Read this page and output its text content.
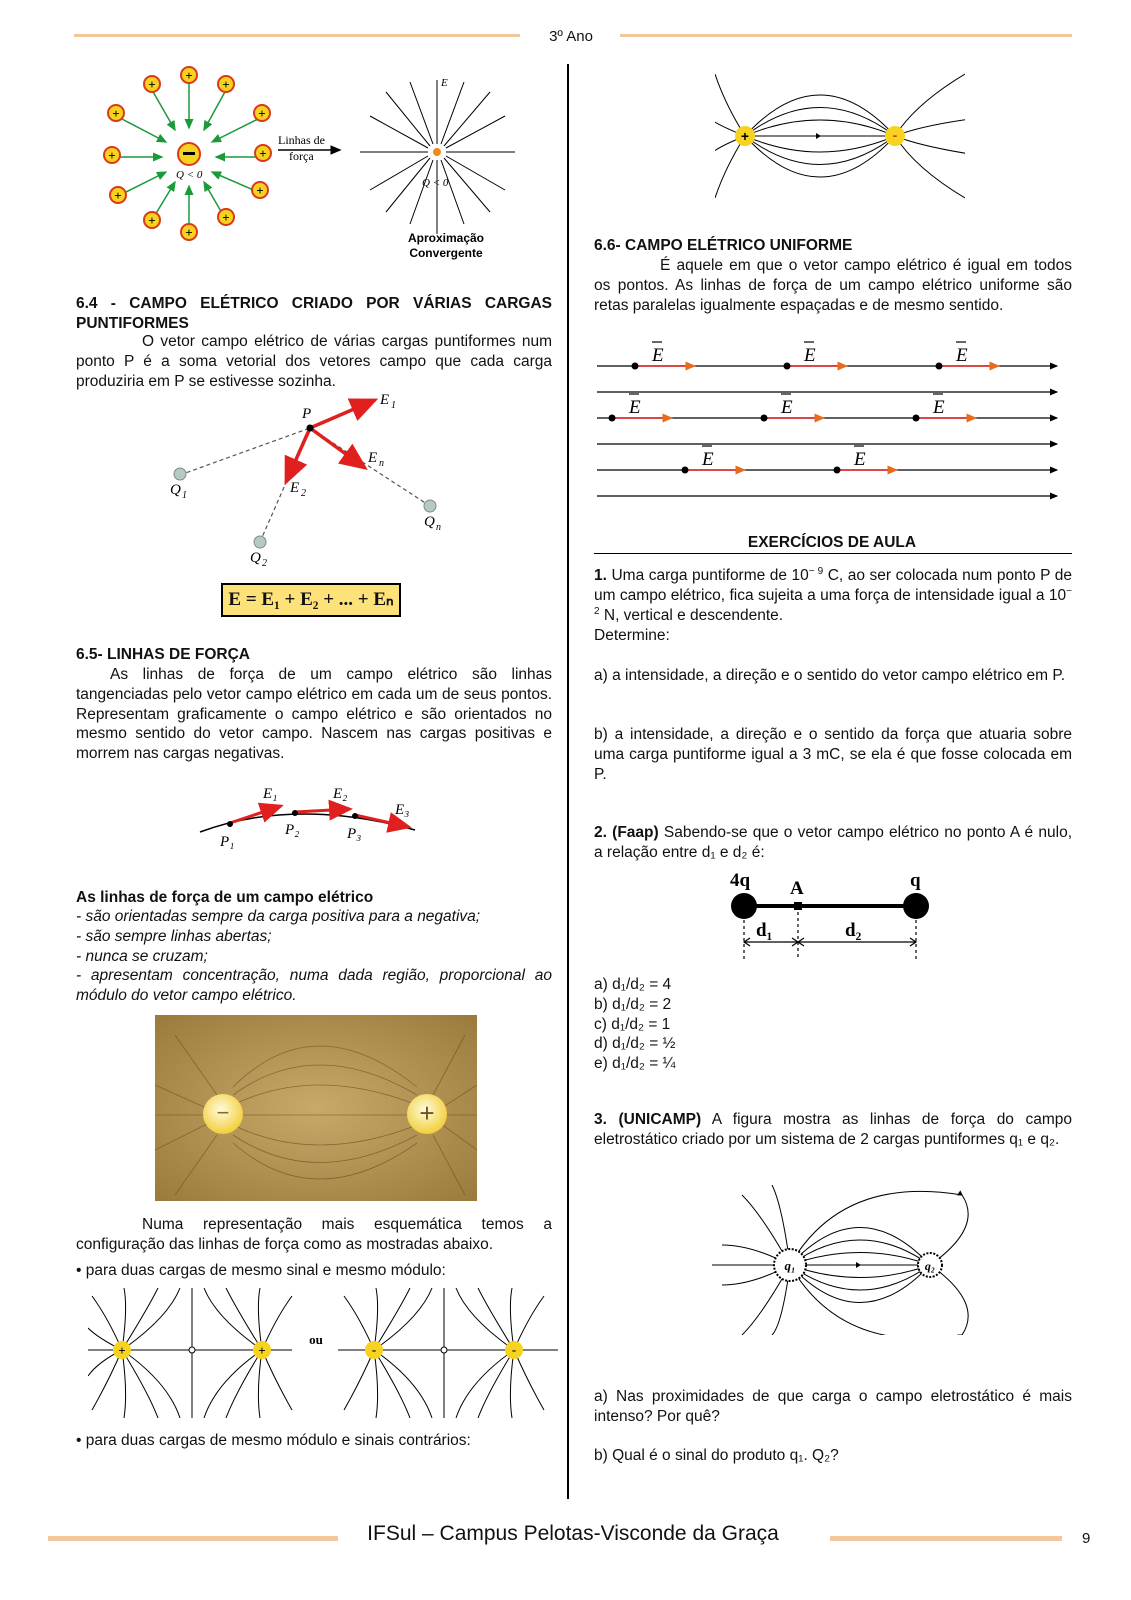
3º Ano
+
+
+
+	+
+	+
+	+
+	+
+
Q < 0
Linhas de
força
E
Q < 0
Aproximação
Convergente
6.4 - CAMPO ELÉTRICO CRIADO POR VÁRIAS CARGAS PUNTIFORMES
O vetor campo elétrico de várias cargas puntiformes num ponto P é a soma vetorial dos vetores campo que cada carga produziria em P se estivesse sozinha.
P
E 1
E 2
E n
Q 1
Q 2
Q n
E = E₁ + E₂ + ... + Eₙ
6.5- LINHAS DE FORÇA
As linhas de força de um campo elétrico são linhas tangenciadas pelo vetor campo elétrico em cada um de seus pontos. Representam graficamente o campo elétrico e são orientados no mesmo sentido do vetor campo. Nascem nas cargas positivas e morrem nas cargas negativas.
E₁	E₂
E₃
P₁
P₂	P₃
As linhas de força de um campo elétrico
- são orientadas sempre da carga positiva para a negativa;
- são sempre linhas abertas;
- nunca se cruzam;
- apresentam concentração, numa dada região, proporcional ao módulo do vetor campo elétrico.
−	+
Numa representação mais esquemática temos a configuração das linhas de força como as mostradas abaixo.
• para duas cargas de mesmo sinal e mesmo módulo:
+	+	-	-
ou
• para duas cargas de mesmo módulo e sinais contrários:
+	-
6.6- CAMPO ELÉTRICO UNIFORME
É aquele em que o vetor campo elétrico é igual em todos os pontos. As linhas de força de um campo elétrico uniforme são retas paralelas igualmente espaçadas e de mesmo sentido.
E	E	E
E	E	E
E	E
EXERCÍCIOS DE AULA
1. Uma carga puntiforme de $10^{- 9}$ C, ao ser colocada num ponto P de um campo elétrico, fica sujeita a uma força de intensidade igual a $10^{- 2}$ N, vertical e descendente.
Determine:
a) a intensidade, a direção e o sentido do vetor campo elétrico em P.
b) a intensidade, a direção e o sentido da força que atuaria sobre uma carga puntiforme igual a 3 mC, se ela é que fosse colocada em P.
2. (Faap) Sabendo-se que o vetor campo elétrico no ponto A é nulo, a relação entre d₁ e d₂ é:
4q A	q
d₁	d₂
a) d₁/d₂ = 4
b) d₁/d₂ = 2
c) d₁/d₂ = 1
d) d₁/d₂ = ½
e) d₁/d₂ = ¼
3. (UNICAMP) A figura mostra as linhas de força do campo eletrostático criado por um sistema de 2 cargas puntiformes q₁ e q₂.
q₁	q₂
a) Nas proximidades de que carga o campo eletrostático é mais intenso? Por quê?
b) Qual é o sinal do produto q₁. Q₂?
IFSul – Campus Pelotas-Visconde da Graça	9
